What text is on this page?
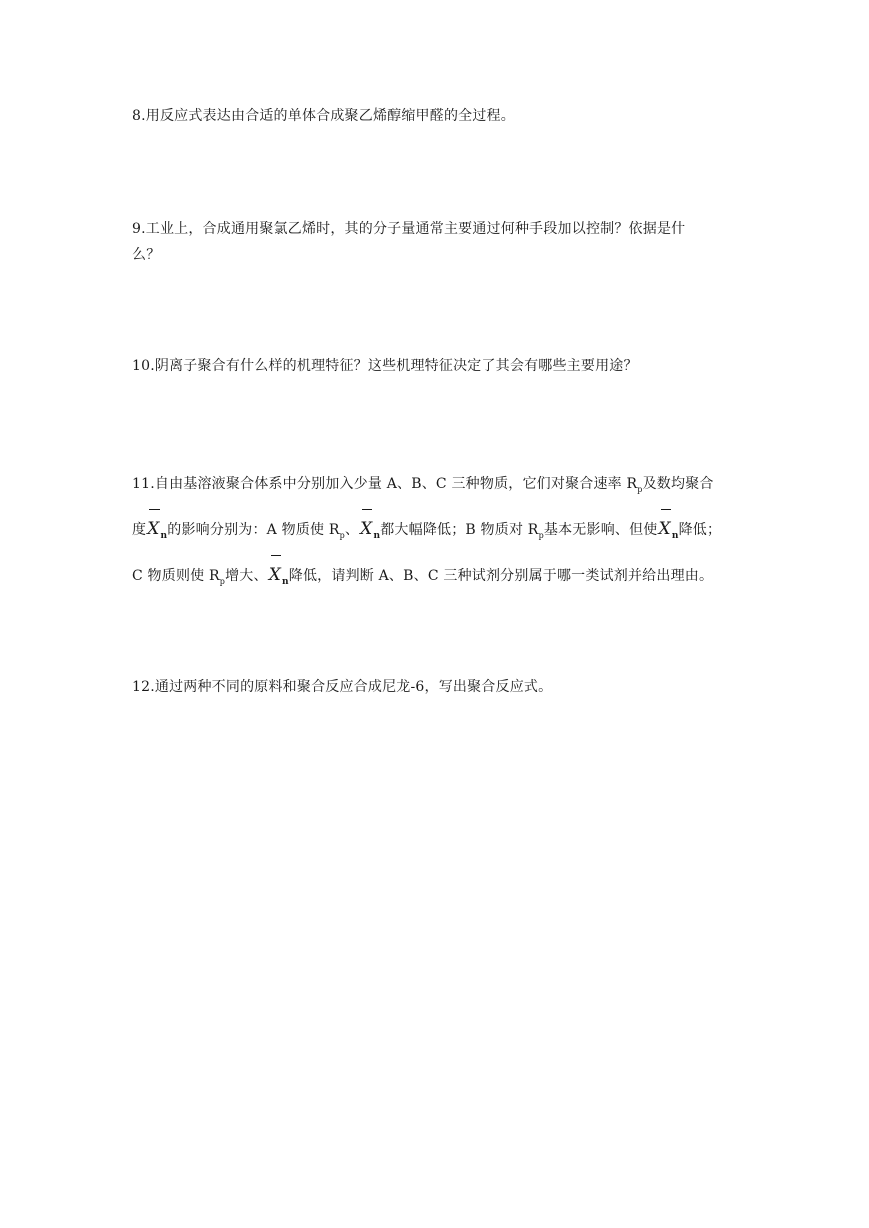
8.用反应式表达由合适的单体合成聚乙烯醇缩甲醛的全过程。
9.工业上，合成通用聚氯乙烯时，其的分子量通常主要通过何种手段加以控制？依据是什
么？
10.阴离子聚合有什么样的机理特征？这些机理特征决定了其会有哪些主要用途？
11.自由基溶液聚合体系中分别加入少量 A、B、C 三种物质，它们对聚合速率 $R_p$及数均聚合
度$X_n$的影响分别为：A 物质使 $R_p$、$X_n$都大幅降低；B 物质对 $R_p$基本无影响、但使$X_n$降低；
C 物质则使 $R_p$增大、$X_n$降低，请判断 A、B、C 三种试剂分别属于哪一类试剂并给出理由。
12.通过两种不同的原料和聚合反应合成尼龙-6，写出聚合反应式。
